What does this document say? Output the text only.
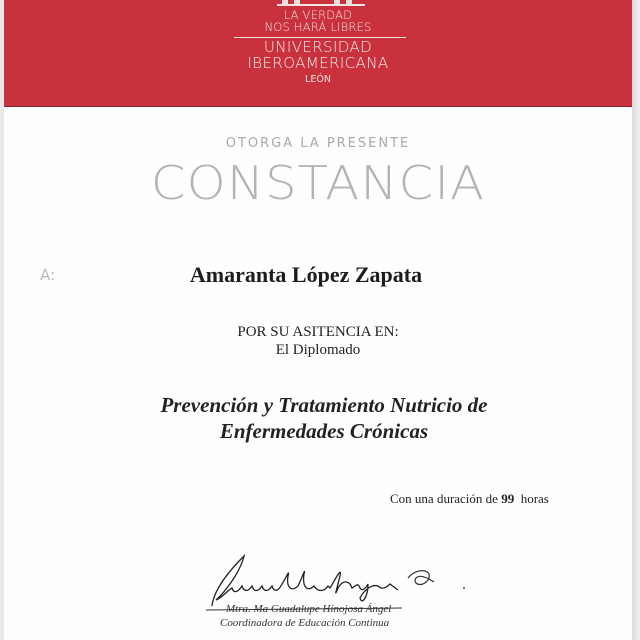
LA VERDAD
NOS HARÁ LIBRES
UNIVERSIDAD
IBEROAMERICANA
LEÓN
OTORGA LA PRESENTE
CONSTANCIA
A:	Amaranta López Zapata
POR SU ASITENCIA EN:
El Diplomado
Prevención y Tratamiento Nutricio de
Enfermedades Crónicas
Con una duración de 99 horas
Mtra. Ma Guadalupe Hinojosa Ángel
Coordinadora de Educación Continua
